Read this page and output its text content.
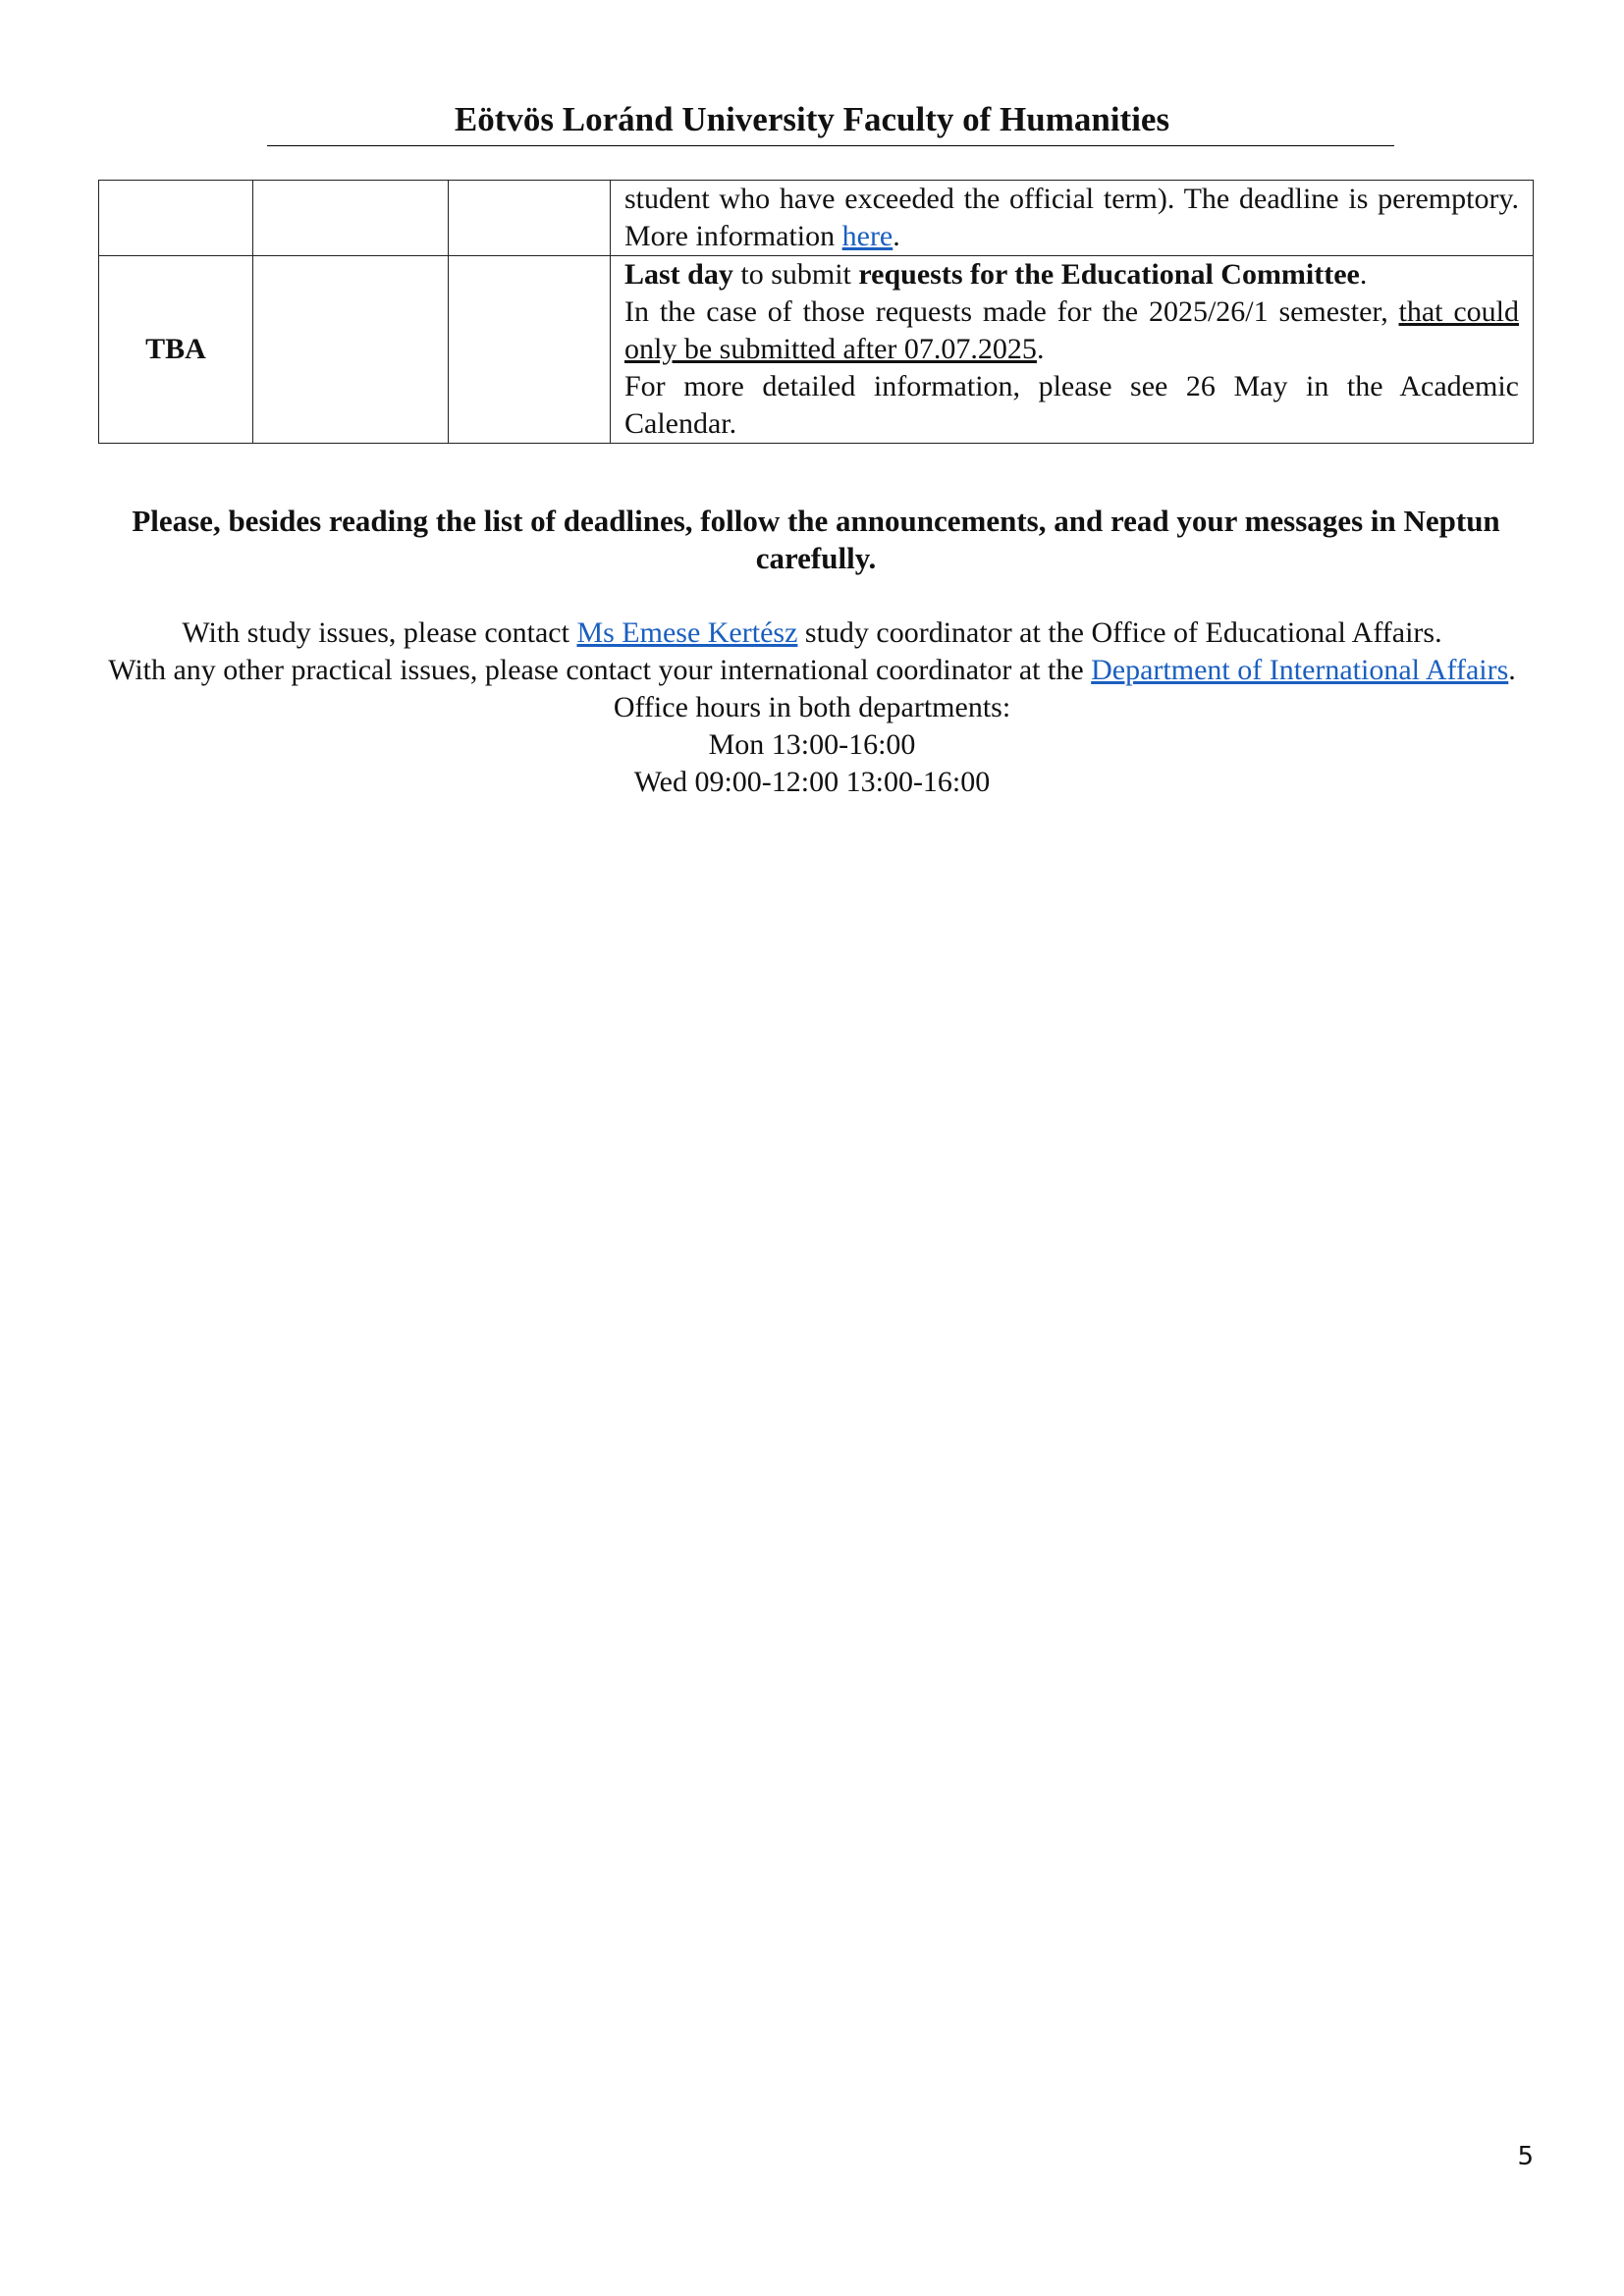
Eötvös Loránd University Faculty of Humanities
			student who have exceeded the official term). The deadline is peremptory. More information here.
TBA			Last day to submit requests for the Educational Committee.
In the case of those requests made for the 2025/26/1 semester, that could only be submitted after 07.07.2025.
For more detailed information, please see 26 May in the Academic Calendar.

Please, besides reading the list of deadlines, follow the announcements, and read your messages in Neptun carefully.

With study issues, please contact Ms Emese Kertész study coordinator at the Office of Educational Affairs.

With any other practical issues, please contact your international coordinator at the Department of International Affairs.

Office hours in both departments:

Mon 13:00-16:00

Wed 09:00-12:00 13:00-16:00

5
